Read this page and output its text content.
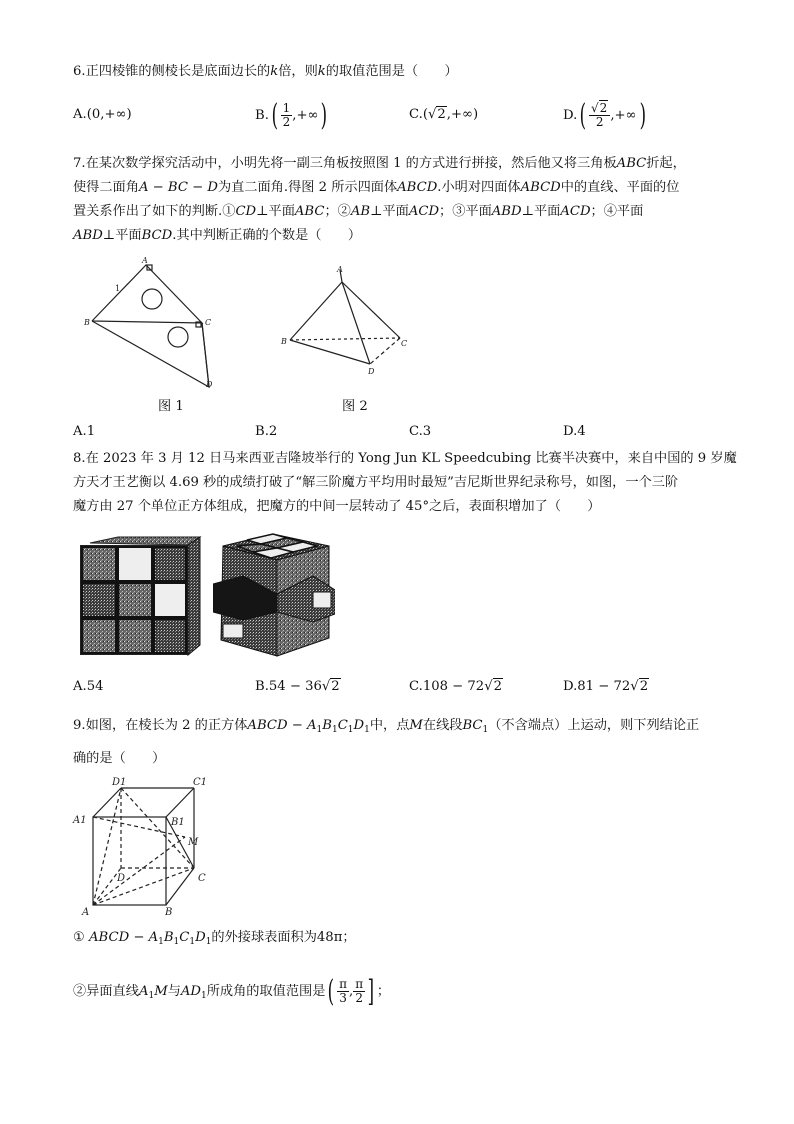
6.正四棱锥的侧棱长是底面边长的k倍，则k的取值范围是（　　）
A.(0,+∞)	$B.( \frac{1}{2}$ ,+∞)	C.(√2,+∞)	$D.( \frac{√2}{2}$ ,+∞)
7.在某次数学探究活动中，小明先将一副三角板按照图 1 的方式进行拼接，然后他又将三角板ABC折起，
使得二面角A − BC − D为直二面角.得图 2 所示四面体ABCD.小明对四面体ABCD中的直线、平面的位
置关系作出了如下的判断.①CD⊥平面ABC；②AB⊥平面ACD；③平面ABD⊥平面ACD；④平面
ABD⊥平面BCD.其中判断正确的个数是（　　）
A
1
B	C
D
图 1
A
B	C
D
图 2
A.1	B.2	C.3	D.4
8.在 2023 年 3 月 12 日马来西亚吉隆坡举行的 Yong Jun KL Speedcubing 比赛半决赛中，来自中国的 9 岁魔
方天才王艺衡以 4.69 秒的成绩打破了“解三阶魔方平均用时最短”吉尼斯世界纪录称号，如图，一个三阶
魔方由 27 个单位正方体组成，把魔方的中间一层转动了 45°之后，表面积增加了（　　）
A.54	B.54 − 36√2	C.108 − 72√2	D.81 − 72√2
9.如图，在棱长为 2 的正方体ABCD − $A_1B_1C_1D_1$中，点M在线段$BC_1$（不含端点）上运动，则下列结论正
确的是（　　）
D1	C1
A1	B1
M
D	C
A	B
① ABCD − $A_1B_1C_1D_1$的外接球表面积为48π；
②异面直线$A_1M$与$AD_1$所成角的取值范围是( $\frac{\pi}{3}$ , $\frac{\pi}{2}$ ] ；
